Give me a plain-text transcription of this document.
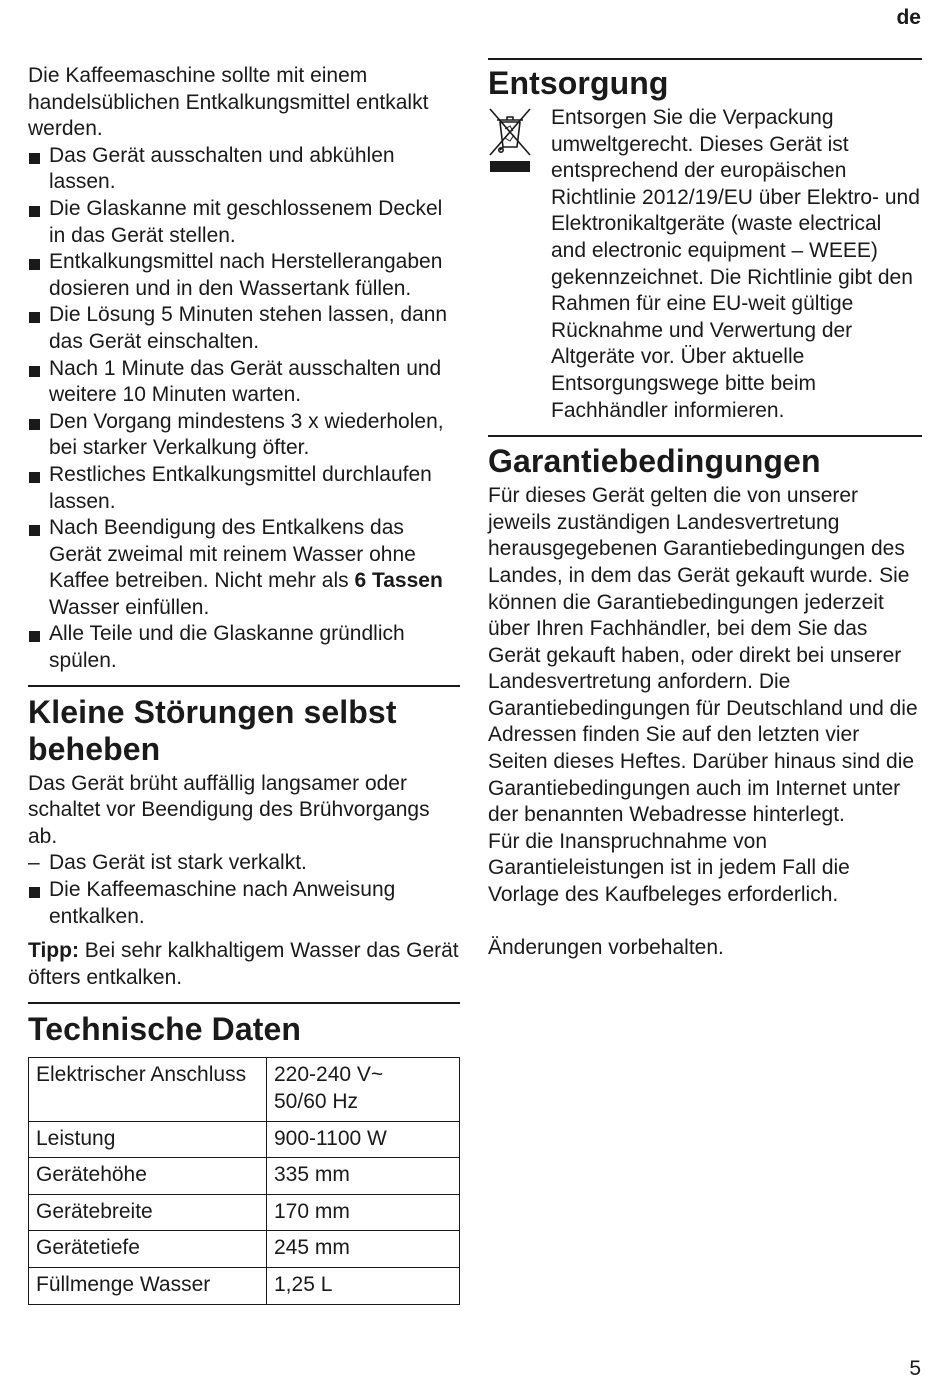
de

Die Kaffeemaschine sollte mit einem handelsüblichen Entkalkungsmittel entkalkt werden.

Das Gerät ausschalten und abkühlen lassen.
Die Glaskanne mit geschlossenem Deckel in das Gerät stellen.
Entkalkungsmittel nach Herstellerangaben dosieren und in den Wassertank füllen.
Die Lösung 5 Minuten stehen lassen, dann das Gerät einschalten.
Nach 1 Minute das Gerät ausschalten und weitere 10 Minuten warten.
Den Vorgang mindestens 3 x wiederholen, bei starker Verkalkung öfter.
Restliches Entkalkungsmittel durchlaufen lassen.
Nach Beendigung des Entkalkens das Gerät zweimal mit reinem Wasser ohne Kaffee betreiben. Nicht mehr als 6 Tassen Wasser einfüllen.
Alle Teile und die Glaskanne gründlich spülen.
Kleine Störungen selbst beheben

Das Gerät brüht auffällig langsamer oder schaltet vor Beendigung des Brühvorgangs ab.

– Das Gerät ist stark verkalkt.
Die Kaffeemaschine nach Anweisung entkalken.

Tipp: Bei sehr kalkhaltigem Wasser das Gerät öfters entkalken.

Technische Daten
Elektrischer Anschluss	220-240 V~
50/60 Hz
Leistung	900-1100 W
Gerätehöhe	335 mm
Gerätebreite	170 mm
Gerätetiefe	245 mm
Füllmenge Wasser	1,25 L
Entsorgung

Entsorgen Sie die Verpackung umweltgerecht. Dieses Gerät ist entsprechend der europäischen Richtlinie 2012/19/EU über Elektro- und Elektronikaltgeräte (waste electrical and electronic equipment – WEEE) gekennzeichnet. Die Richtlinie gibt den Rahmen für eine EU-weit gültige Rücknahme und Verwertung der Altgeräte vor. Über aktuelle Entsorgungswege bitte beim Fachhändler informieren.

Garantiebedingungen

Für dieses Gerät gelten die von unserer jeweils zuständigen Landesvertretung herausgegebenen Garantiebedingungen des Landes, in dem das Gerät gekauft wurde. Sie können die Garantiebedingungen jederzeit über Ihren Fachhändler, bei dem Sie das Gerät gekauft haben, oder direkt bei unserer Landesvertretung anfordern. Die Garantiebedingungen für Deutschland und die Adressen finden Sie auf den letzten vier Seiten dieses Heftes. Darüber hinaus sind die Garantiebedingungen auch im Internet unter der benannten Webadresse hinterlegt.

Für die Inanspruchnahme von Garantieleistungen ist in jedem Fall die Vorlage des Kaufbeleges erforderlich.

Änderungen vorbehalten.

5
